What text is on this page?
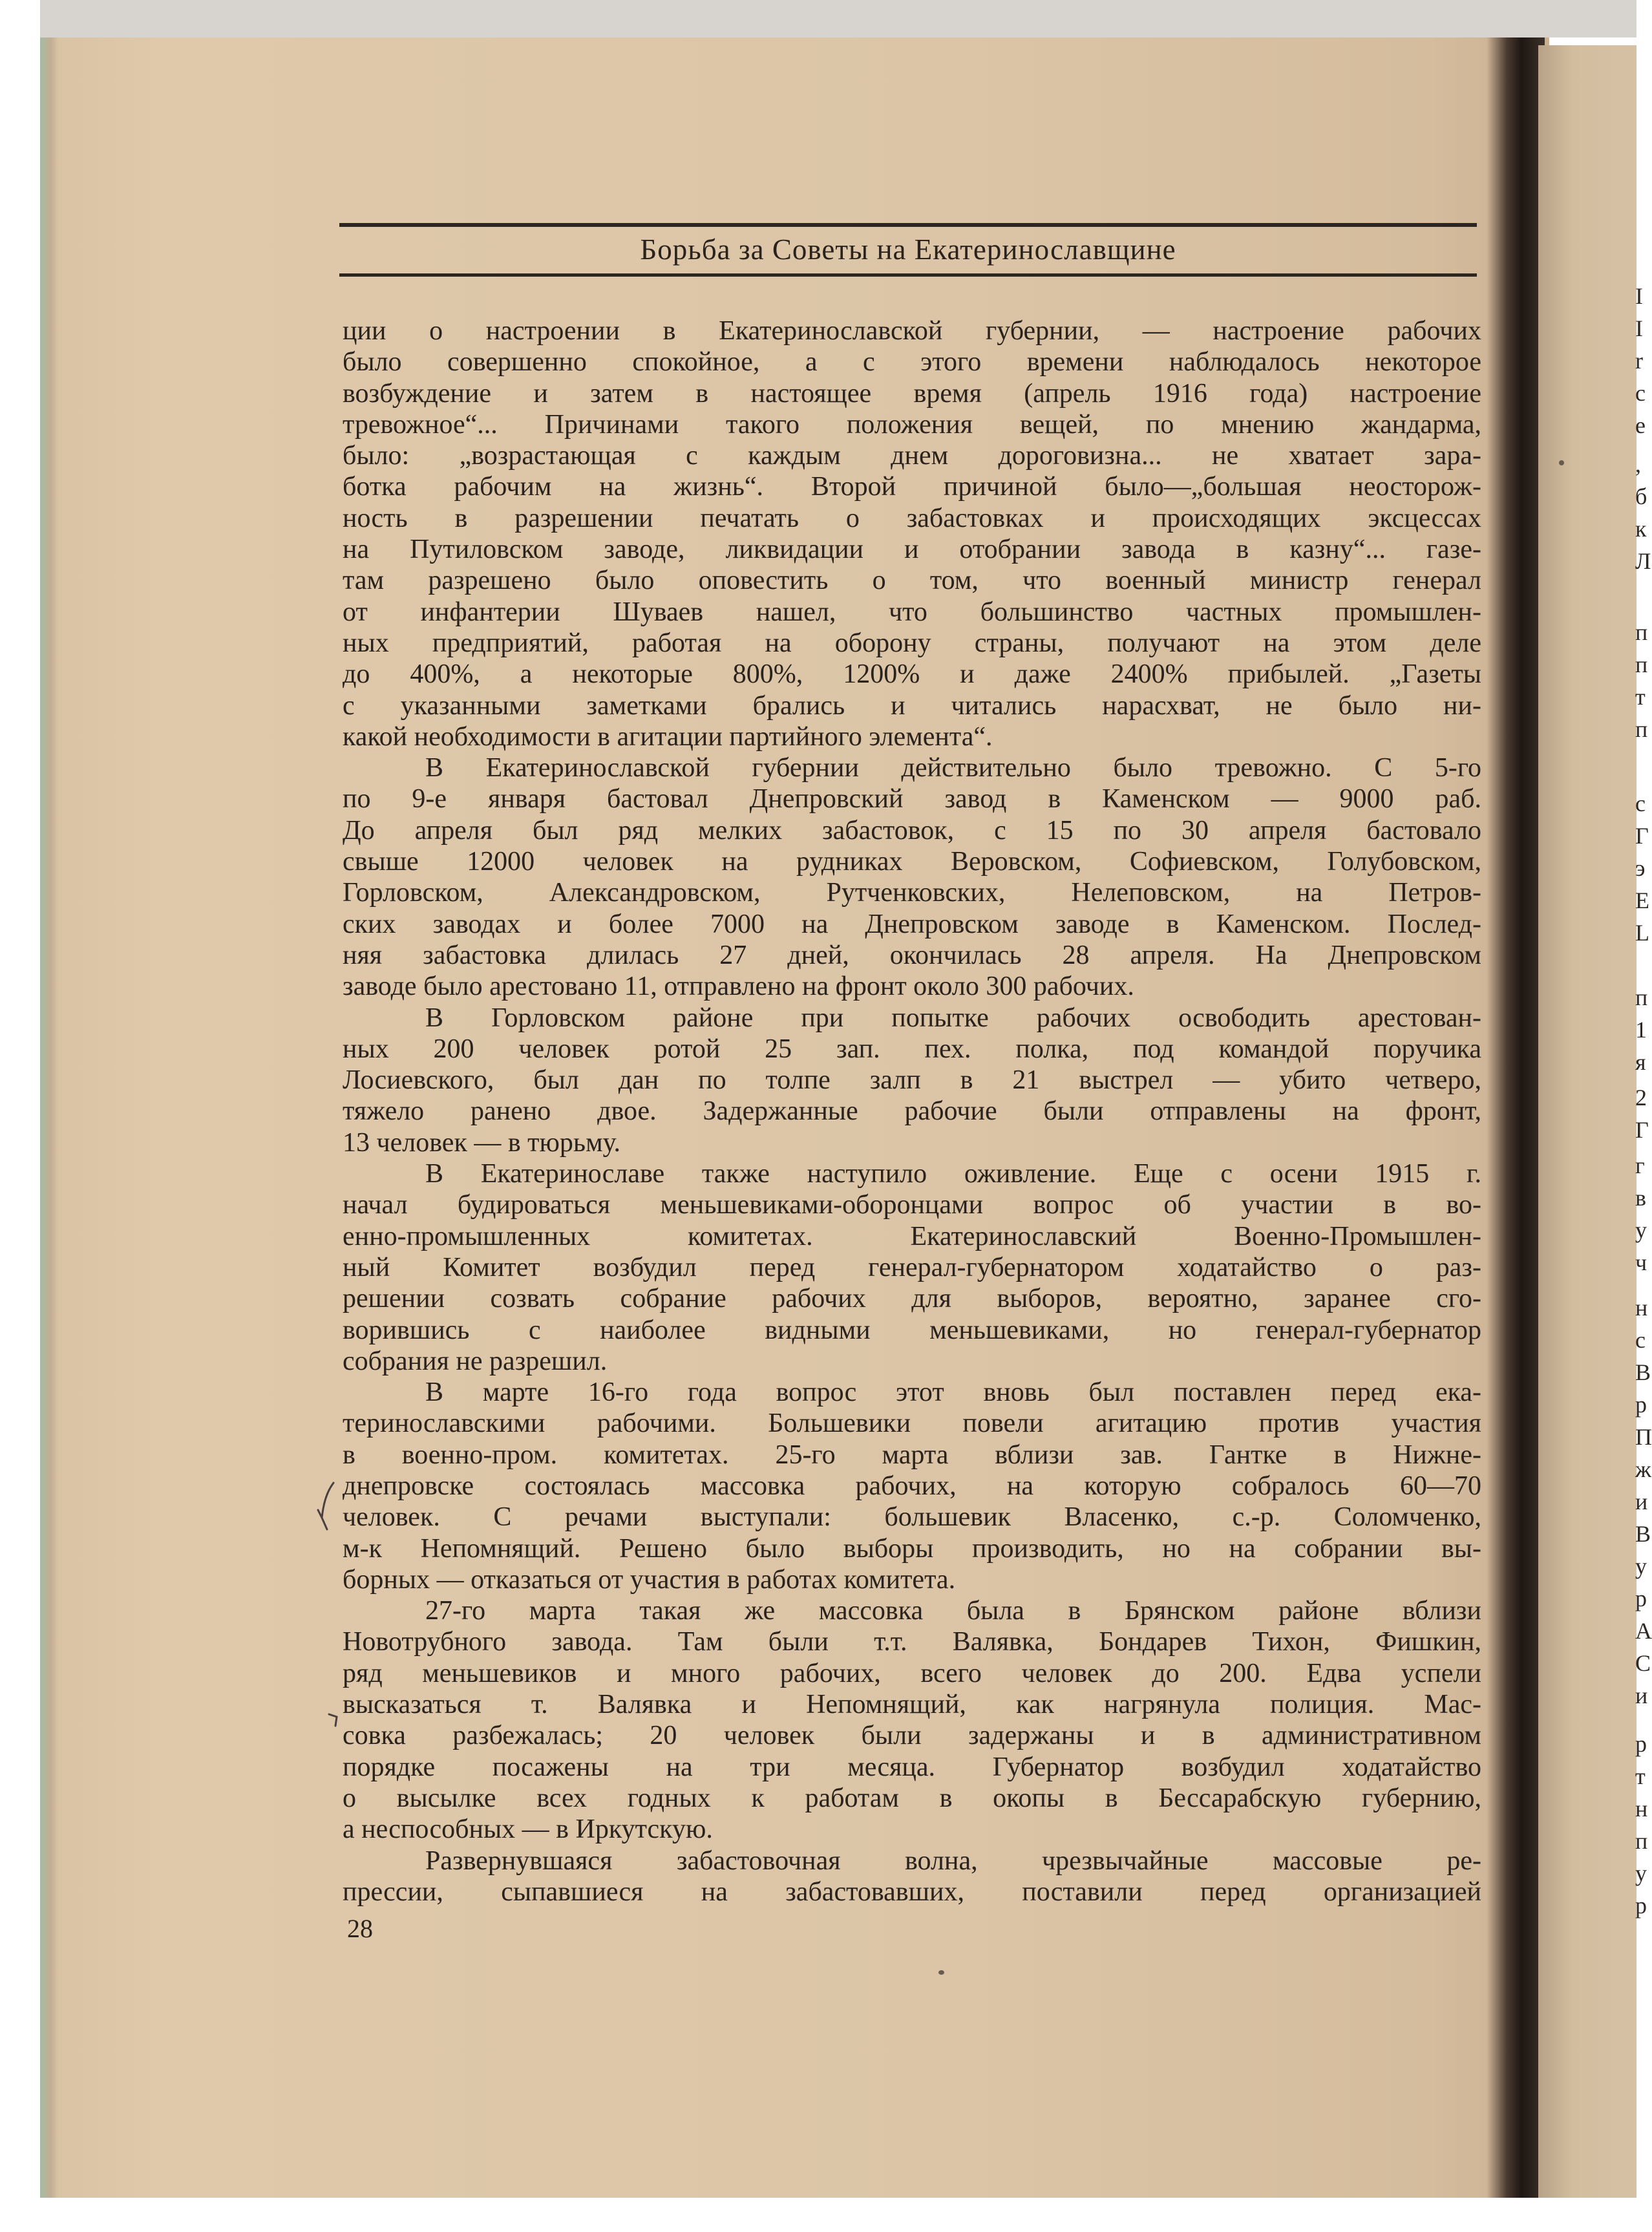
I
I
r
c
e
,
б
к
Л
п
п
т
п
с
Г
э
Е
L
п
1
я
2
Г
г
в
у
ч
н
с
В
р
П
ж
и
В
у
р
А
С
и
р
т
н
п
у
р
Борьба за Советы на Екатеринославщине
ции о настроении в Екатеринославской губернии, — настроение рабочих
было совершенно спокойное, а с этого времени наблюдалось некоторое
возбуждение и затем в настоящее время (апрель 1916 года) настроение
тревожное“... Причинами такого положения вещей, по мнению жандарма,
было: „возрастающая с каждым днем дороговизна... не хватает зара-
ботка рабочим на жизнь“. Второй причиной было—„большая неосторож-
ность в разрешении печатать о забастовках и происходящих эксцессах
на Путиловском заводе, ликвидации и отобрании завода в казну“... газе-
там разрешено было оповестить о том, что военный министр генерал
от инфантерии Шуваев нашел, что большинство частных промышлен-
ных предприятий, работая на оборону страны, получают на этом деле
до 400%, а некоторые 800%, 1200% и даже 2400% прибылей. „Газеты
с указанными заметками брались и читались нарасхват, не было ни-
какой необходимости в агитации партийного элемента“.
В Екатеринославской губернии действительно было тревожно. С 5-го
по 9-е января бастовал Днепровский завод в Каменском — 9000 раб.
До апреля был ряд мелких забастовок, с 15 по 30 апреля бастовало
свыше 12000 человек на рудниках Веровском, Софиевском, Голубовском,
Горловском, Александровском, Рутченковских, Нелеповском, на Петров-
ских заводах и более 7000 на Днепровском заводе в Каменском. Послед-
няя забастовка длилась 27 дней, окончилась 28 апреля. На Днепровском
заводе было арестовано 11, отправлено на фронт около 300 рабочих.
В Горловском районе при попытке рабочих освободить арестован-
ных 200 человек ротой 25 зап. пех. полка, под командой поручика
Лосиевского, был дан по толпе залп в 21 выстрел — убито четверо,
тяжело ранено двое. Задержанные рабочие были отправлены на фронт,
13 человек — в тюрьму.
В Екатеринославе также наступило оживление. Еще с осени 1915 г.
начал будироваться меньшевиками-оборонцами вопрос об участии в во-
енно-промышленных комитетах. Екатеринославский Военно-Промышлен-
ный Комитет возбудил перед генерал-губернатором ходатайство о раз-
решении созвать собрание рабочих для выборов, вероятно, заранее сго-
ворившись с наиболее видными меньшевиками, но генерал-губернатор
собрания не разрешил.
В марте 16-го года вопрос этот вновь был поставлен перед ека-
теринославскими рабочими. Большевики повели агитацию против участия
в военно-пром. комитетах. 25-го марта вблизи зав. Гантке в Нижне-
днепровске состоялась массовка рабочих, на которую собралось 60—70
человек. С речами выступали: большевик Власенко, с.-р. Соломченко,
м-к Непомнящий. Решено было выборы производить, но на собрании вы-
борных — отказаться от участия в работах комитета.
27-го марта такая же массовка была в Брянском районе вблизи
Новотрубного завода. Там были т.т. Валявка, Бондарев Тихон, Фишкин,
ряд меньшевиков и много рабочих, всего человек до 200. Едва успели
высказаться т. Валявка и Непомнящий, как нагрянула полиция. Мас-
совка разбежалась; 20 человек были задержаны и в административном
порядке посажены на три месяца. Губернатор возбудил ходатайство
о высылке всех годных к работам в окопы в Бессарабскую губернию,
а неспособных — в Иркутскую.
Развернувшаяся забастовочная волна, чрезвычайные массовые ре-
прессии, сыпавшиеся на забастовавших, поставили перед организацией
28
